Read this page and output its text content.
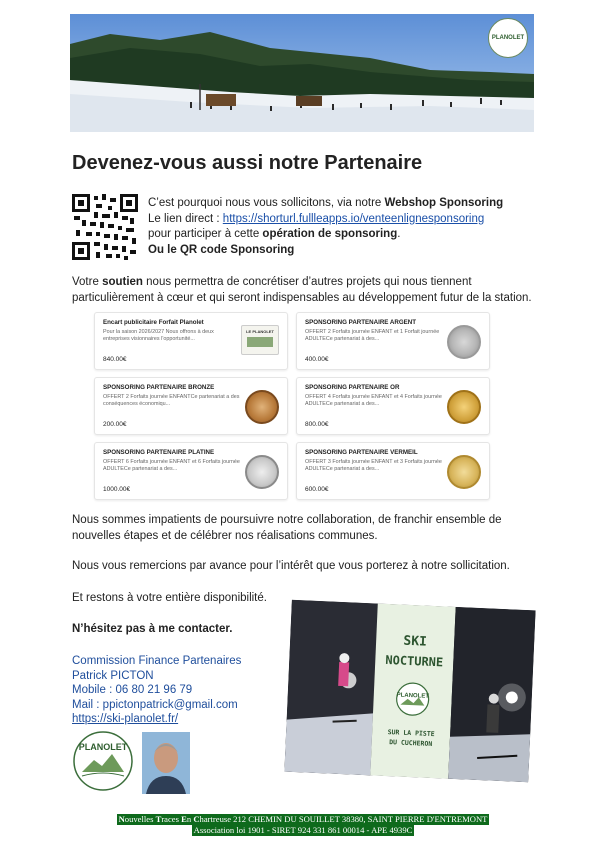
PLANOLET
Devenez-vous aussi notre Partenaire
C’est pourquoi nous vous sollicitons, via notre Webshop Sponsoring
Le lien direct : https://shorturl.fullleapps.io/venteenlignesponsoring
pour participer à cette opération de sponsoring.
Ou le QR code Sponsoring
Votre soutien nous permettra de concrétiser d’autres projets qui nous tiennent particulièrement à cœur et qui seront indispensables au développement futur de la station.
Encart publicitaire Forfait Planolet
Pour la saison 2026/2027 Nous offrons à deux entreprises visionnaires l'opportunité...
840.00€
LE PLANOLET
SPONSORING PARTENAIRE ARGENT
OFFERT 2 Forfaits journée ENFANT et 1 Forfait journée ADULTECe partenariat à des...
400.00€
SPONSORING PARTENAIRE BRONZE
OFFERT 2 Forfaits journée ENFANTCe partenariat a des conséquences économiqu...
200.00€
SPONSORING PARTENAIRE OR
OFFERT 4 Forfaits journée ENFANT et 4 Forfaits journée ADULTECe partenariat a des...
800.00€
SPONSORING PARTENAIRE PLATINE
OFFERT 6 Forfaits journée ENFANT et 6 Forfaits journée ADULTECe partenariat a des...
1000.00€
SPONSORING PARTENAIRE VERMEIL
OFFERT 3 Forfaits journée ENFANT et 3 Forfaits journée ADULTECe partenariat a des...
600.00€
Nous sommes impatients de poursuivre notre collaboration, de franchir ensemble de nouvelles étapes et de célébrer nos réalisations communes.
Nous vous remercions par avance pour l’intérêt que vous porterez à notre sollicitation.
Et restons à votre entière disponibilité.
N’hésitez pas à me contacter.
Commission Finance Partenaires
Patrick PICTON
Mobile : 06 80 21 96 79
Mail : ppictonpatrick@gmail.com
https://ski-planolet.fr/
PLANOLET
SKI
NOCTURNE
PLANOLET
SUR LA PISTE
DU CUCHERON
Nouvelles Traces En Chartreuse 212 CHEMIN DU SOUILLET 38380, SAINT PIERRE D'ENTREMONT
Association loi 1901 - SIRET 924 331 861 00014 - APE 4939C
